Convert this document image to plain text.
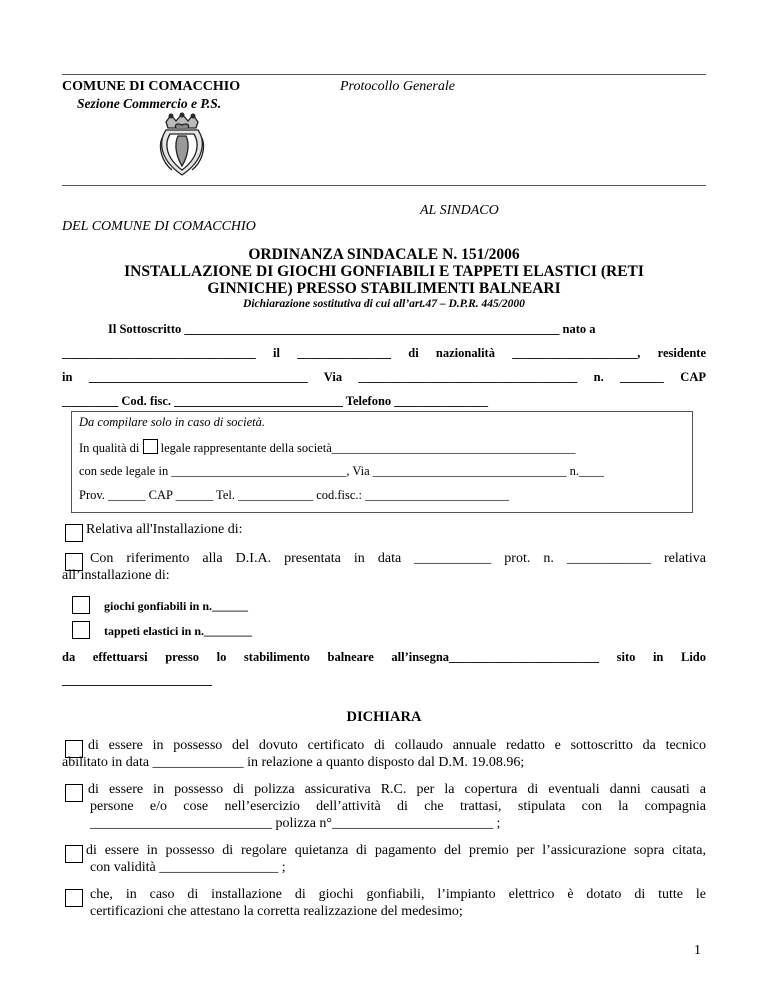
COMUNE DI COMACCHIO
Sezione Commercio e P.S.
Protocollo Generale
AL SINDACO
DEL COMUNE DI COMACCHIO
ORDINANZA SINDACALE N. 151/2006
INSTALLAZIONE DI GIOCHI GONFIABILI E TAPPETI ELASTICI (RETI
GINNICHE) PRESSO STABILIMENTI BALNEARI
Dichiarazione sostitutiva di cui all’art.47 – D.P.R. 445/2000
Il Sottoscritto ____________________________________________________________ nato a
_______________________________ il _______________ di nazionalità ____________________, residente
in ___________________________________ Via ___________________________________ n. _______ CAP
_________ Cod. fisc. ___________________________ Telefono _______________
Da compilare solo in caso di società.
In qualità di legale rappresentante della società_______________________________________
con sede legale in ____________________________, Via _______________________________ n.____
Prov. ______ CAP ______ Tel. ____________ cod.fisc.: _______________________
Relativa all'Installazione di:
Con riferimento alla D.I.A. presentata in data ___________ prot. n. ____________ relativa
all’installazione di:
giochi gonfiabili in n.______
tappeti elastici in n.________
da effettuarsi presso lo stabilimento balneare all’insegna________________________ sito in Lido
________________________
DICHIARA
di essere in possesso del dovuto certificato di collaudo annuale redatto e sottoscritto da tecnico
abilitato in data _____________ in relazione a quanto disposto dal D.M. 19.08.96;
di essere in possesso di polizza assicurativa R.C. per la copertura di eventuali danni causati a
persone e/o cose nell’esercizio dell’attività di che trattasi, stipulata con la compagnia
__________________________ polizza n°_______________________ ;
di essere in possesso di regolare quietanza di pagamento del premio per l’assicurazione sopra citata,
con validità _________________ ;
che, in caso di installazione di giochi gonfiabili, l’impianto elettrico è dotato di tutte le
certificazioni che attestano la corretta realizzazione del medesimo;
1
